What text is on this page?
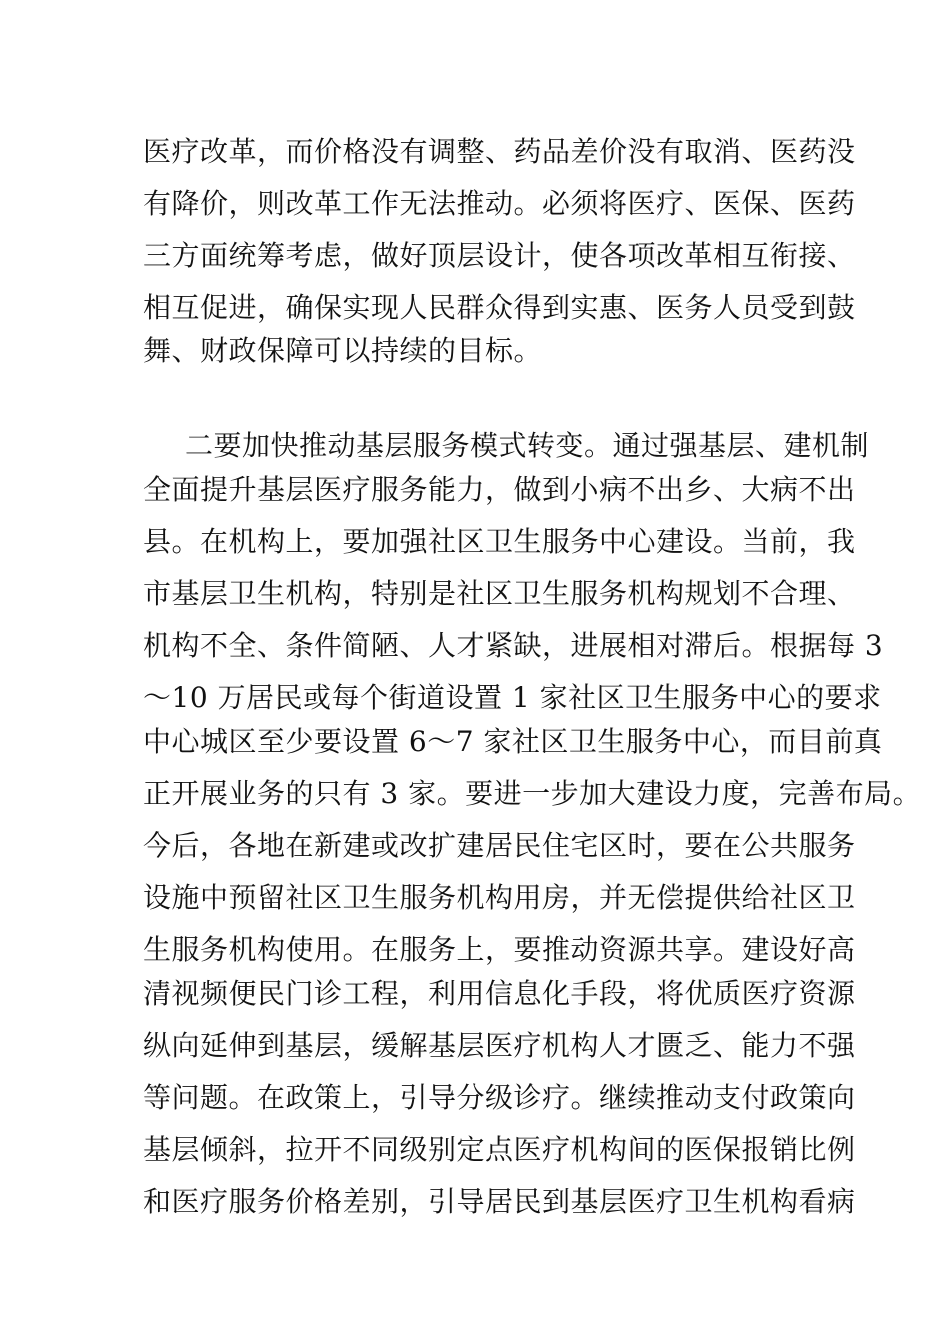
医疗改革，而价格没有调整、药品差价没有取消、医药没
有降价，则改革工作无法推动。必须将医疗、医保、医药
三方面统筹考虑，做好顶层设计，使各项改革相互衔接、
相互促进，确保实现人民群众得到实惠、医务人员受到鼓
舞、财政保障可以持续的目标。
二要加快推动基层服务模式转变。通过强基层、建机制
全面提升基层医疗服务能力，做到小病不出乡、大病不出
县。在机构上，要加强社区卫生服务中心建设。当前，我
市基层卫生机构，特别是社区卫生服务机构规划不合理、
机构不全、条件简陋、人才紧缺，进展相对滞后。根据每 3
～10 万居民或每个街道设置 1 家社区卫生服务中心的要求
中心城区至少要设置 6～7 家社区卫生服务中心，而目前真
正开展业务的只有 3 家。要进一步加大建设力度，完善布局。
今后，各地在新建或改扩建居民住宅区时，要在公共服务
设施中预留社区卫生服务机构用房，并无偿提供给社区卫
生服务机构使用。在服务上，要推动资源共享。建设好高
清视频便民门诊工程，利用信息化手段，将优质医疗资源
纵向延伸到基层，缓解基层医疗机构人才匮乏、能力不强
等问题。在政策上，引导分级诊疗。继续推动支付政策向
基层倾斜，拉开不同级别定点医疗机构间的医保报销比例
和医疗服务价格差别，引导居民到基层医疗卫生机构看病
